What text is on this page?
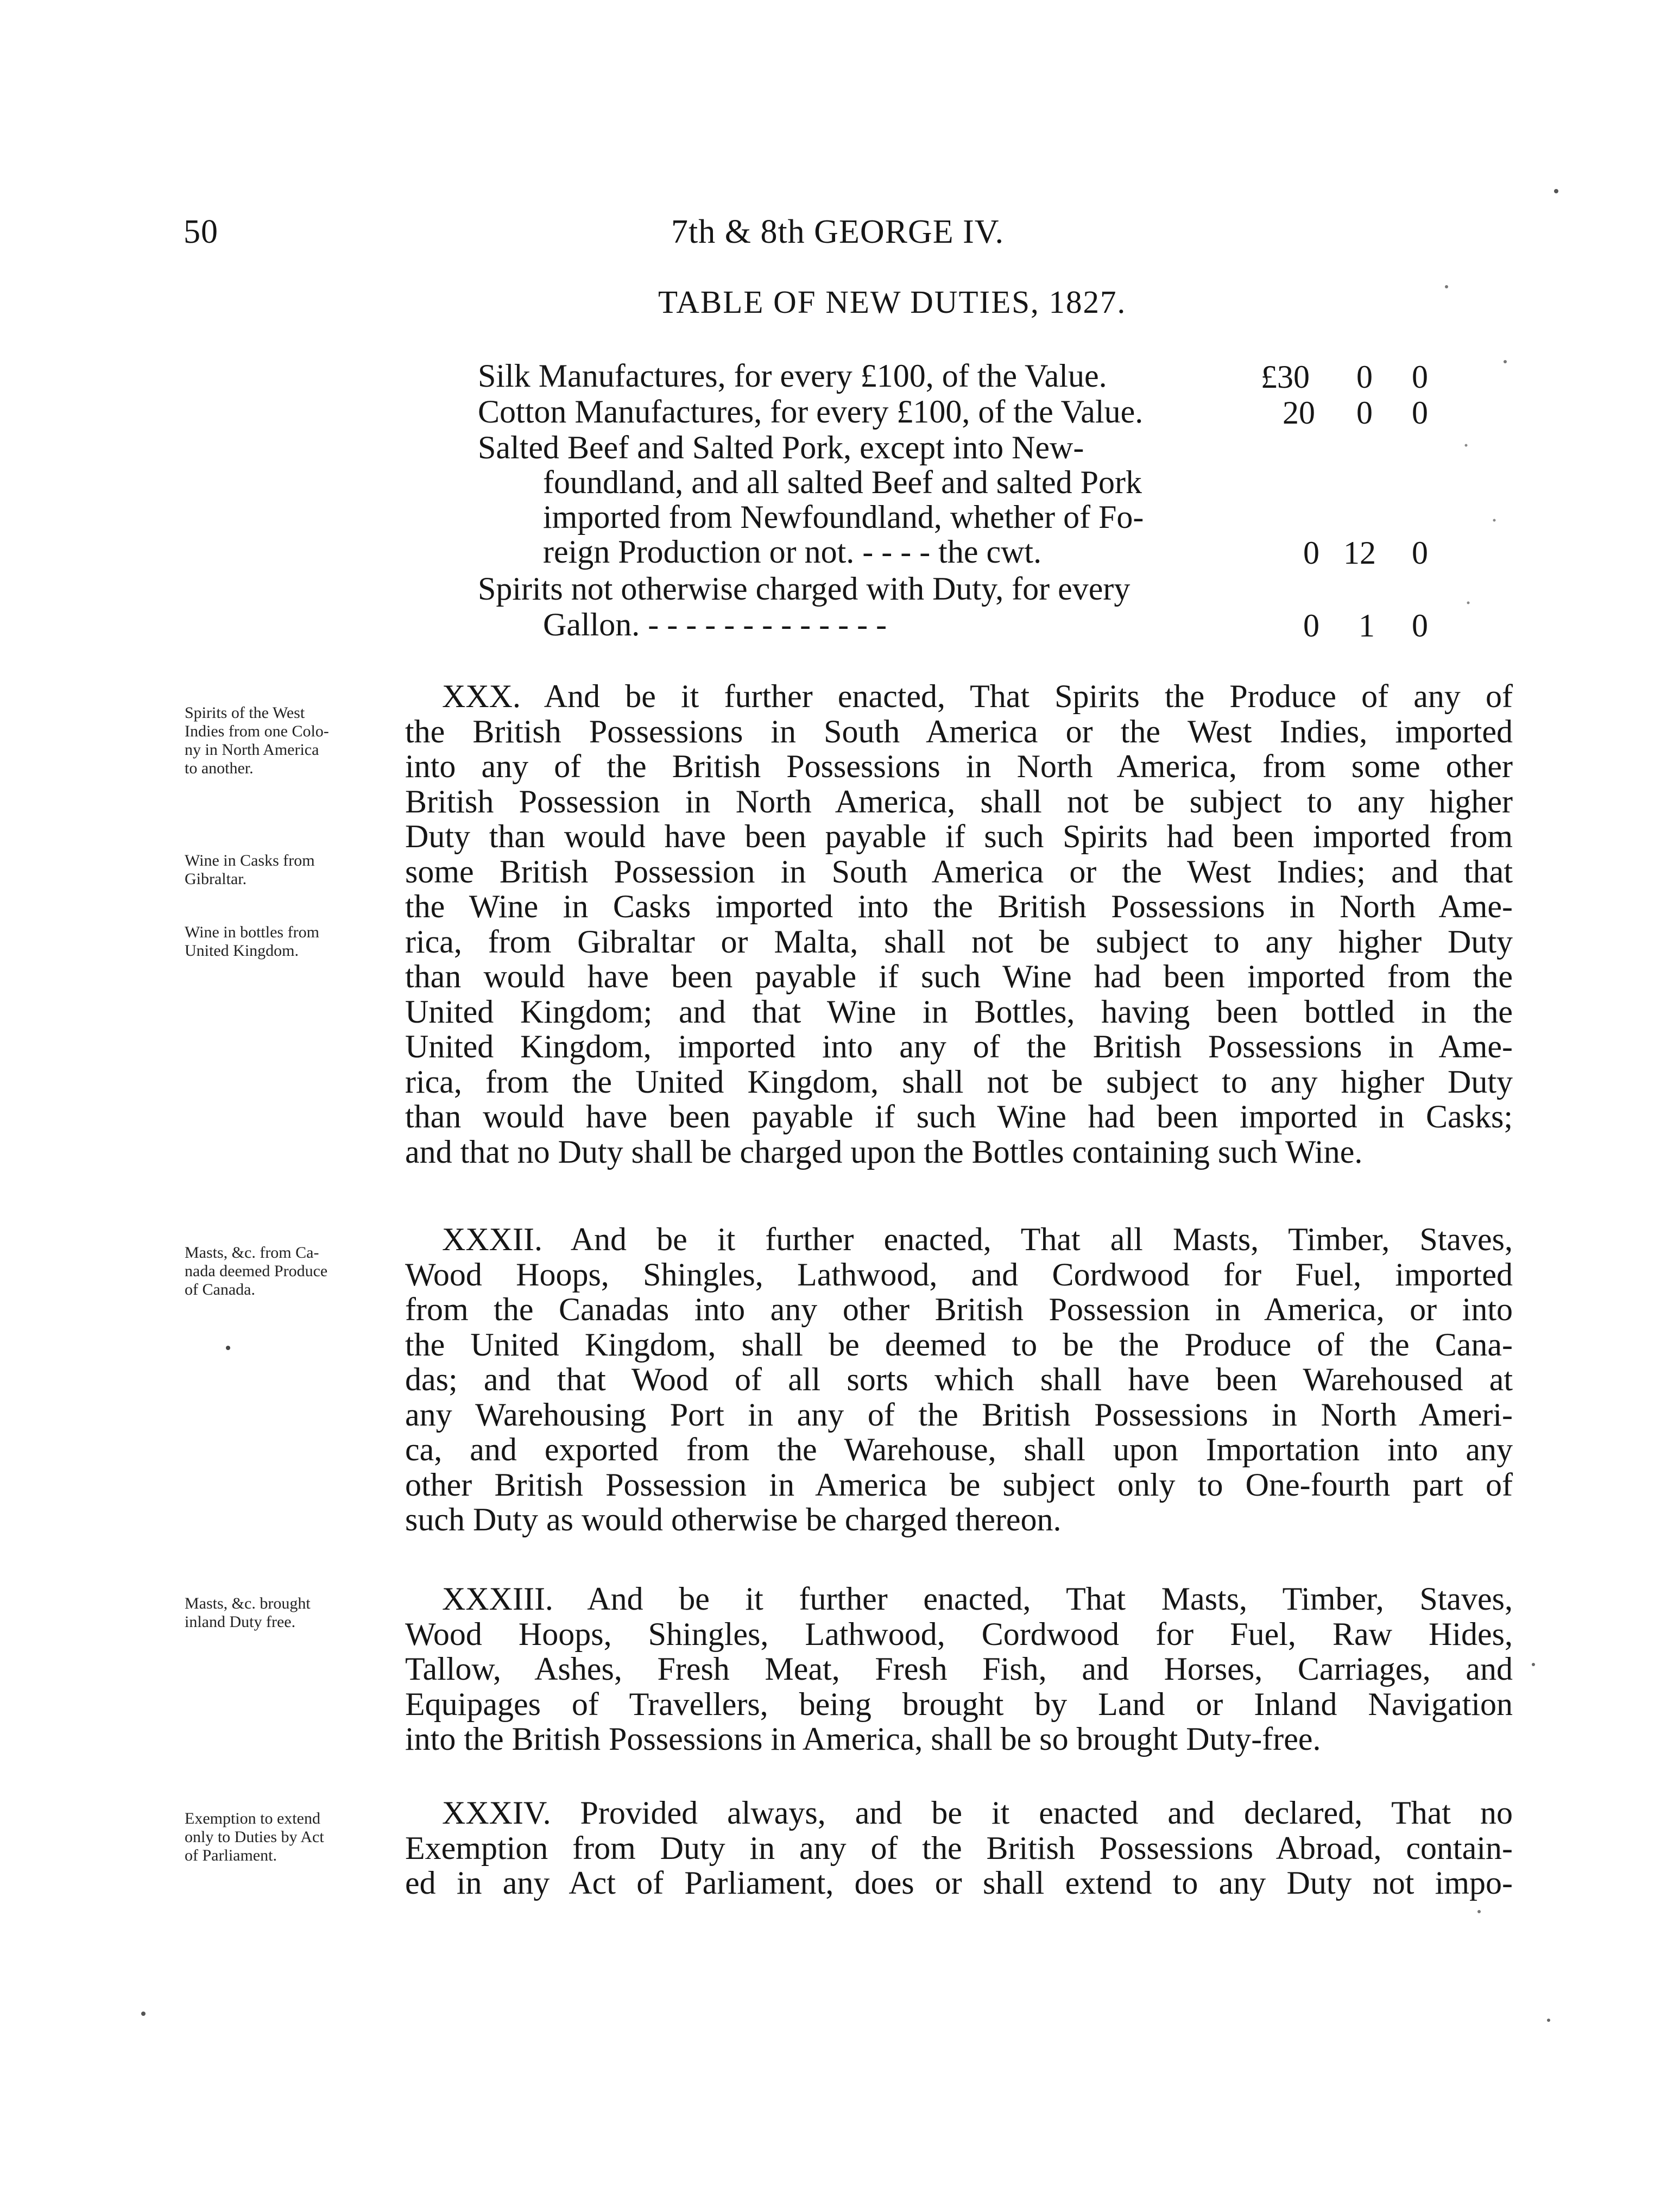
50	7th & 8th GEORGE IV.
TABLE OF NEW DUTIES, 1827.
Silk Manufactures, for every £100, of the Value.	£30 0 0
Cotton Manufactures, for every £100, of the Value.	20 0 0
Salted Beef and Salted Pork, except into New-
foundland, and all salted Beef and salted Pork
imported from Newfoundland, whether of Fo-
reign Production or not. - - - - the cwt.	0 12 0
Spirits not otherwise charged with Duty, for every
Gallon. - - - - - - - - - - - - -	0 1 0
XXX. And be it further enacted, That Spirits the Produce of any of
the British Possessions in South America or the West Indies, imported
into any of the British Possessions in North America, from some other
British Possession in North America, shall not be subject to any higher
Duty than would have been payable if such Spirits had been imported from
some British Possession in South America or the West Indies; and that
the Wine in Casks imported into the British Possessions in North Ame-
rica, from Gibraltar or Malta, shall not be subject to any higher Duty
than would have been payable if such Wine had been imported from the
United Kingdom; and that Wine in Bottles, having been bottled in the
United Kingdom, imported into any of the British Possessions in Ame-
rica, from the United Kingdom, shall not be subject to any higher Duty
than would have been payable if such Wine had been imported in Casks;
and that no Duty shall be charged upon the Bottles containing such Wine.
Spirits of the West
Indies from one Colo-
ny in North America
to another.
Wine in Casks from
Gibraltar.
Wine in bottles from
United Kingdom.
XXXII. And be it further enacted, That all Masts, Timber, Staves,
Wood Hoops, Shingles, Lathwood, and Cordwood for Fuel, imported
from the Canadas into any other British Possession in America, or into
the United Kingdom, shall be deemed to be the Produce of the Cana-
das; and that Wood of all sorts which shall have been Warehoused at
any Warehousing Port in any of the British Possessions in North Ameri-
ca, and exported from the Warehouse, shall upon Importation into any
other British Possession in America be subject only to One-fourth part of
such Duty as would otherwise be charged thereon.
Masts, &c. from Ca-
nada deemed Produce
of Canada.
XXXIII. And be it further enacted, That Masts, Timber, Staves,
Wood Hoops, Shingles, Lathwood, Cordwood for Fuel, Raw Hides,
Tallow, Ashes, Fresh Meat, Fresh Fish, and Horses, Carriages, and
Equipages of Travellers, being brought by Land or Inland Navigation
into the British Possessions in America, shall be so brought Duty-free.
Masts, &c. brought
inland Duty free.
XXXIV. Provided always, and be it enacted and declared, That no
Exemption from Duty in any of the British Possessions Abroad, contain-
ed in any Act of Parliament, does or shall extend to any Duty not impo-
Exemption to extend
only to Duties by Act
of Parliament.
